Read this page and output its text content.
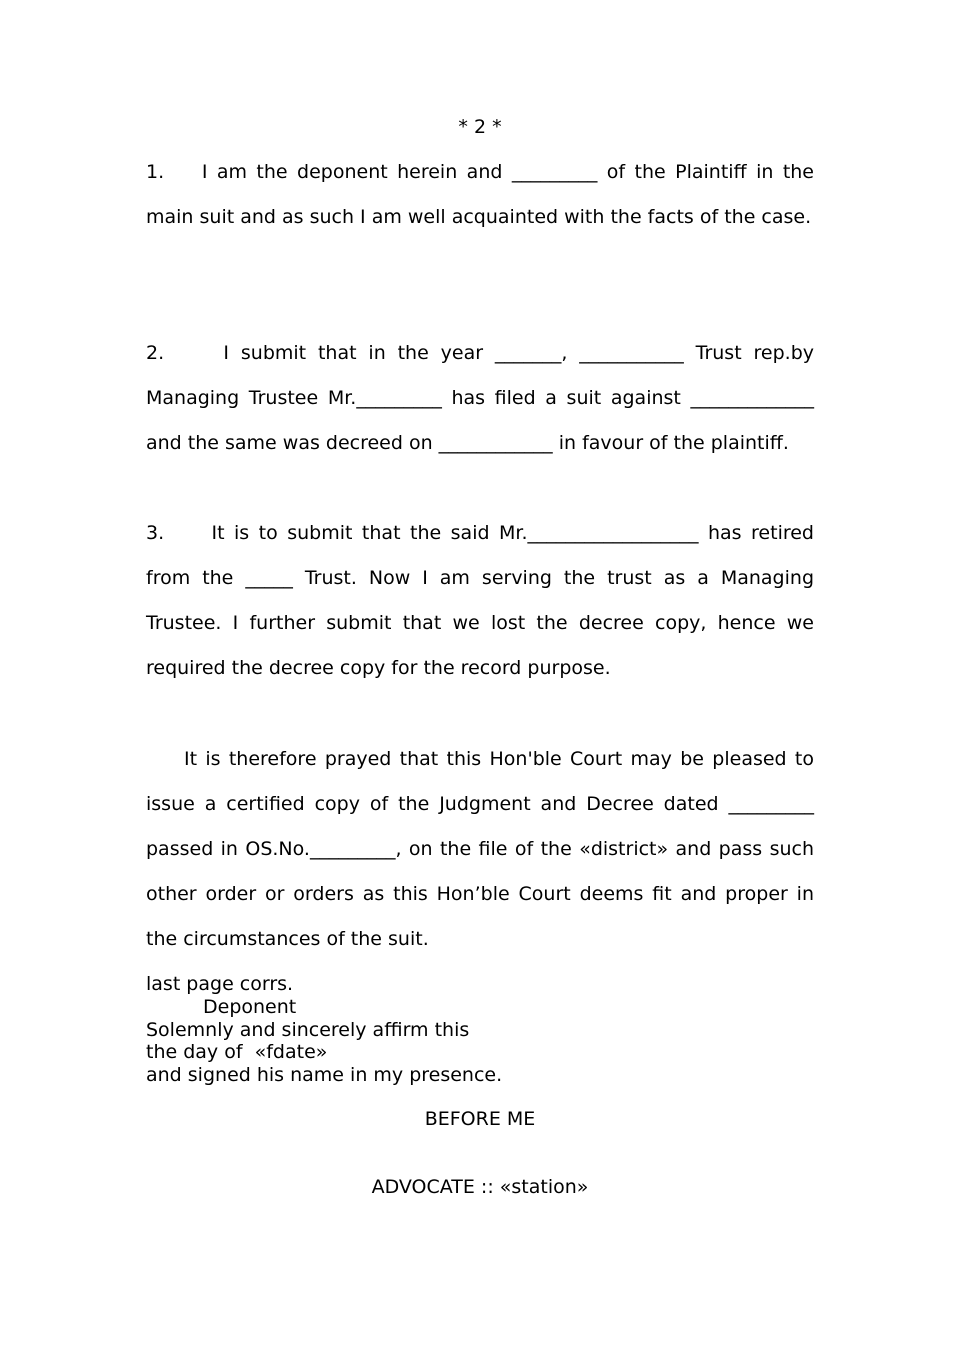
* 2 *

1.    I am the deponent herein and _________ of the Plaintiff in the main suit and as such I am well acquainted with the facts of the case.

2.     I submit that in the year _______, ___________ Trust rep.by Managing Trustee Mr._________ has filed a suit against _____________ and the same was decreed on ____________ in favour of the plaintiff.

3.     It is to submit that the said Mr.__________________ has retired from the _____ Trust. Now I am serving the trust as a Managing Trustee. I further submit that we lost the decree copy, hence we required the decree copy for the record purpose.

It is therefore prayed that this Hon'ble Court may be pleased to issue a certified copy of the Judgment and Decree dated _________ passed in OS.No._________, on the file of the «district» and pass such other order or orders as this Hon’ble Court deems fit and proper in the circumstances of the suit.

last page corrs.
Deponent
Solemnly and sincerely affirm this
the day of  «fdate»
and signed his name in my presence.
BEFORE ME
ADVOCATE :: «station»
